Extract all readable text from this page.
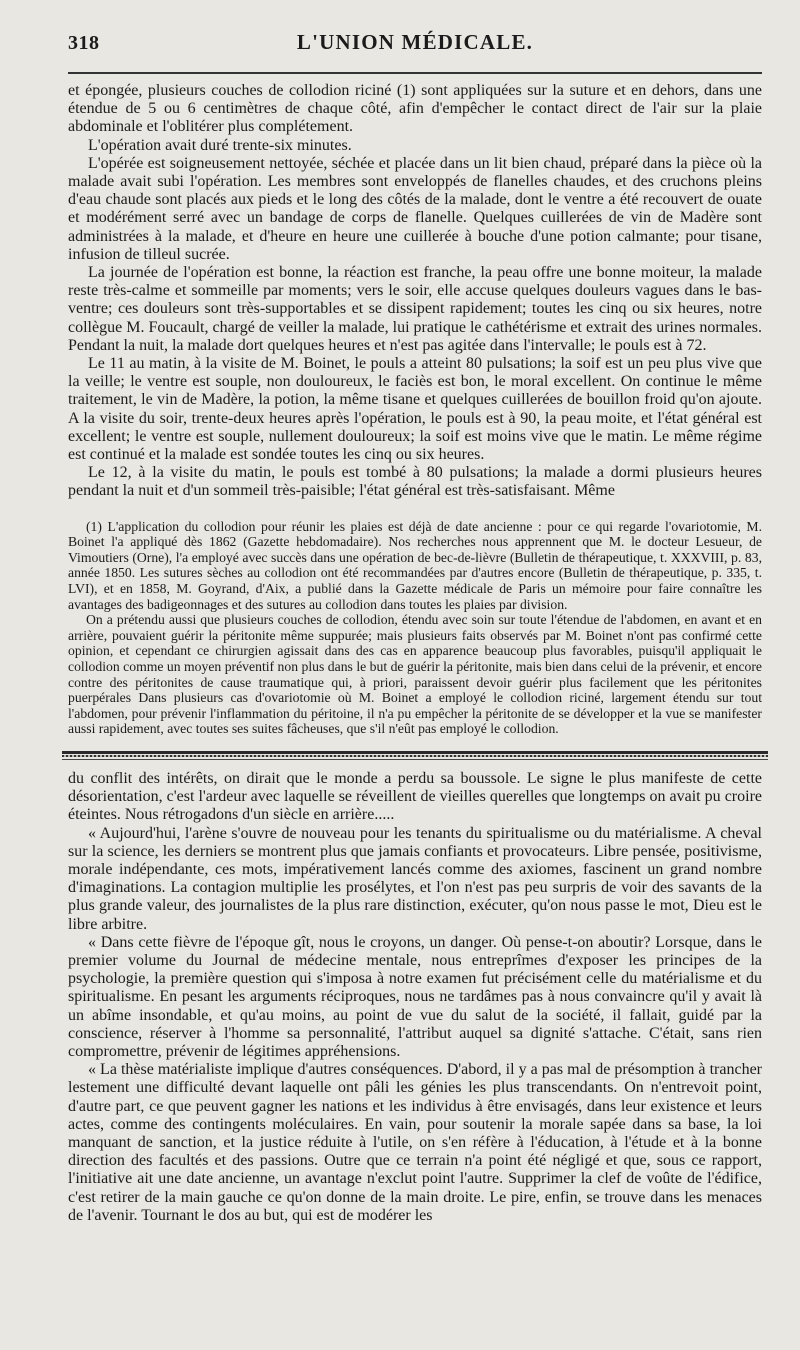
318	L'UNION MÉDICALE.

et épongée, plusieurs couches de collodion riciné (1) sont appliquées sur la suture et en dehors, dans une étendue de 5 ou 6 centimètres de chaque côté, afin d'empêcher le contact direct de l'air sur la plaie abdominale et l'oblitérer plus complétement.

L'opération avait duré trente-six minutes.

L'opérée est soigneusement nettoyée, séchée et placée dans un lit bien chaud, préparé dans la pièce où la malade avait subi l'opération. Les membres sont enveloppés de flanelles chaudes, et des cruchons pleins d'eau chaude sont placés aux pieds et le long des côtés de la malade, dont le ventre a été recouvert de ouate et modérément serré avec un bandage de corps de flanelle. Quelques cuillerées de vin de Madère sont administrées à la malade, et d'heure en heure une cuillerée à bouche d'une potion calmante; pour tisane, infusion de tilleul sucrée.

La journée de l'opération est bonne, la réaction est franche, la peau offre une bonne moiteur, la malade reste très-calme et sommeille par moments; vers le soir, elle accuse quelques douleurs vagues dans le bas-ventre; ces douleurs sont très-supportables et se dissipent rapidement; toutes les cinq ou six heures, notre collègue M. Foucault, chargé de veiller la malade, lui pratique le cathétérisme et extrait des urines normales. Pendant la nuit, la malade dort quelques heures et n'est pas agitée dans l'intervalle; le pouls est à 72.

Le 11 au matin, à la visite de M. Boinet, le pouls a atteint 80 pulsations; la soif est un peu plus vive que la veille; le ventre est souple, non douloureux, le faciès est bon, le moral excellent. On continue le même traitement, le vin de Madère, la potion, la même tisane et quelques cuillerées de bouillon froid qu'on ajoute. A la visite du soir, trente-deux heures après l'opération, le pouls est à 90, la peau moite, et l'état général est excellent; le ventre est souple, nullement douloureux; la soif est moins vive que le matin. Le même régime est continué et la malade est sondée toutes les cinq ou six heures.

Le 12, à la visite du matin, le pouls est tombé à 80 pulsations; la malade a dormi plusieurs heures pendant la nuit et d'un sommeil très-paisible; l'état général est très-satisfaisant. Même

(1) L'application du collodion pour réunir les plaies est déjà de date ancienne : pour ce qui regarde l'ovariotomie, M. Boinet l'a appliqué dès 1862 (Gazette hebdomadaire). Nos recherches nous apprennent que M. le docteur Lesueur, de Vimoutiers (Orne), l'a employé avec succès dans une opération de bec-de-lièvre (Bulletin de thérapeutique, t. XXXVIII, p. 83, année 1850. Les sutures sèches au collodion ont été recommandées par d'autres encore (Bulletin de thérapeutique, p. 335, t. LVI), et en 1858, M. Goyrand, d'Aix, a publié dans la Gazette médicale de Paris un mémoire pour faire connaître les avantages des badigeonnages et des sutures au collodion dans toutes les plaies par division.

On a prétendu aussi que plusieurs couches de collodion, étendu avec soin sur toute l'étendue de l'abdomen, en avant et en arrière, pouvaient guérir la péritonite même suppurée; mais plusieurs faits observés par M. Boinet n'ont pas confirmé cette opinion, et cependant ce chirurgien agissait dans des cas en apparence beaucoup plus favorables, puisqu'il appliquait le collodion comme un moyen préventif non plus dans le but de guérir la péritonite, mais bien dans celui de la prévenir, et encore contre des péritonites de cause traumatique qui, à priori, paraissent devoir guérir plus facilement que les péritonites puerpérales Dans plusieurs cas d'ovariotomie où M. Boinet a employé le collodion riciné, largement étendu sur tout l'abdomen, pour prévenir l'inflammation du péritoine, il n'a pu empêcher la péritonite de se développer et la vue se manifester aussi rapidement, avec toutes ses suites fâcheuses, que s'il n'eût pas employé le collodion.

du conflit des intérêts, on dirait que le monde a perdu sa boussole. Le signe le plus manifeste de cette désorientation, c'est l'ardeur avec laquelle se réveillent de vieilles querelles que longtemps on avait pu croire éteintes. Nous rétrogadons d'un siècle en arrière.....

« Aujourd'hui, l'arène s'ouvre de nouveau pour les tenants du spiritualisme ou du matérialisme. A cheval sur la science, les derniers se montrent plus que jamais confiants et provocateurs. Libre pensée, positivisme, morale indépendante, ces mots, impérativement lancés comme des axiomes, fascinent un grand nombre d'imaginations. La contagion multiplie les prosélytes, et l'on n'est pas peu surpris de voir des savants de la plus grande valeur, des journalistes de la plus rare distinction, exécuter, qu'on nous passe le mot, Dieu est le libre arbitre.

« Dans cette fièvre de l'époque gît, nous le croyons, un danger. Où pense-t-on aboutir? Lorsque, dans le premier volume du Journal de médecine mentale, nous entreprîmes d'exposer les principes de la psychologie, la première question qui s'imposa à notre examen fut précisément celle du matérialisme et du spiritualisme. En pesant les arguments réciproques, nous ne tardâmes pas à nous convaincre qu'il y avait là un abîme insondable, et qu'au moins, au point de vue du salut de la société, il fallait, guidé par la conscience, réserver à l'homme sa personnalité, l'attribut auquel sa dignité s'attache. C'était, sans rien compromettre, prévenir de légitimes appréhensions.

« La thèse matérialiste implique d'autres conséquences. D'abord, il y a pas mal de présomption à trancher lestement une difficulté devant laquelle ont pâli les génies les plus transcendants. On n'entrevoit point, d'autre part, ce que peuvent gagner les nations et les individus à être envisagés, dans leur existence et leurs actes, comme des contingents moléculaires. En vain, pour soutenir la morale sapée dans sa base, la loi manquant de sanction, et la justice réduite à l'utile, on s'en réfère à l'éducation, à l'étude et à la bonne direction des facultés et des passions. Outre que ce terrain n'a point été négligé et que, sous ce rapport, l'initiative ait une date ancienne, un avantage n'exclut point l'autre. Supprimer la clef de voûte de l'édifice, c'est retirer de la main gauche ce qu'on donne de la main droite. Le pire, enfin, se trouve dans les menaces de l'avenir. Tournant le dos au but, qui est de modérer les
